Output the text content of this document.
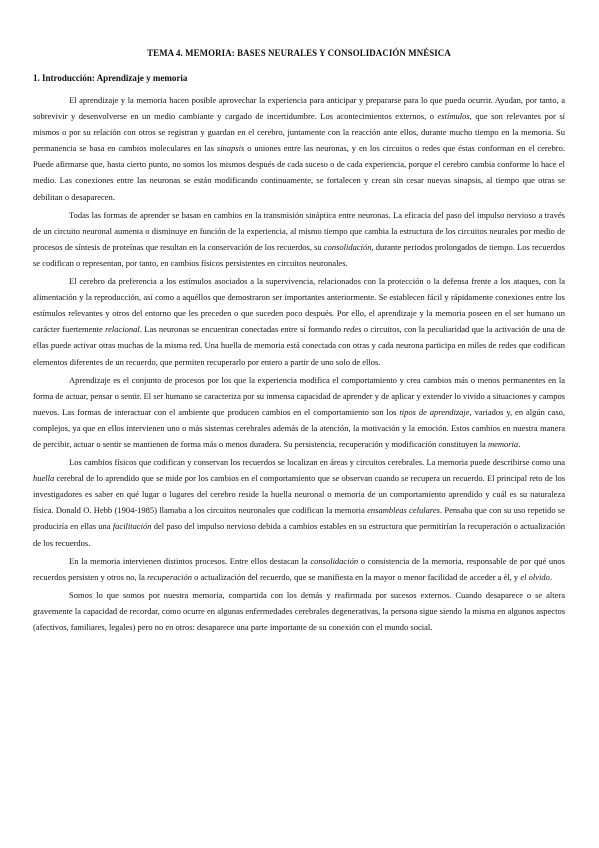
TEMA 4. MEMORIA: BASES NEURALES Y CONSOLIDACIÓN MNÉSICA
1. Introducción: Aprendizaje y memoria

El aprendizaje y la memoria hacen posible aprovechar la experiencia para anticipar y prepararse para lo que pueda ocurrir. Ayudan, por tanto, a sobrevivir y desenvolverse en un medio cambiante y cargado de incertidumbre. Los acontecimientos externos, o estímulos, que son relevantes por sí mismos o por su relación con otros se registran y guardan en el cerebro, juntamente con la reacción ante ellos, durante mucho tiempo en la memoria. Su permanencia se basa en cambios moleculares en las sinapsis o uniones entre las neuronas, y en los circuitos o redes que éstas conforman en el cerebro. Puede afirmarse que, hasta cierto punto, no somos los mismos después de cada suceso o de cada experiencia, porque el cerebro cambia conforme lo hace el medio. Las conexiones entre las neuronas se están modificando continuamente, se fortalecen y crean sin cesar nuevas sinapsis, al tiempo que otras se debilitan o desaparecen.

Todas las formas de aprender se basan en cambios en la transmisión sináptica entre neuronas. La eficacia del paso del impulso nervioso a través de un circuito neuronal aumenta o disminuye en función de la experiencia, al mismo tiempo que cambia la estructura de los circuitos neurales por medio de procesos de síntesis de proteínas que resultan en la conservación de los recuerdos, su consolidación, durante periodos prolongados de tiempo. Los recuerdos se codifican o representan, por tanto, en cambios físicos persistentes en circuitos neuronales.

El cerebro da preferencia a los estímulos asociados a la supervivencia, relacionados con la protección o la defensa frente a los ataques, con la alimentación y la reproducción, así como a aquéllos que demostraron ser importantes anteriormente. Se establecen fácil y rápidamente conexiones entre los estímulos relevantes y otros del entorno que les preceden o que suceden poco después. Por ello, el aprendizaje y la memoria poseen en el ser humano un carácter fuertemente relacional. Las neuronas se encuentran conectadas entre sí formando redes o circuitos, con la peculiaridad que la activación de una de ellas puede activar otras muchas de la misma red. Una huella de memoria está conectada con otras y cada neurona participa en miles de redes que codifican elementos diferentes de un recuerdo, que permiten recuperarlo por entero a partir de uno solo de ellos.

Aprendizaje es el conjunto de procesos por los que la experiencia modifica el comportamiento y crea cambios más o menos permanentes en la forma de actuar, pensar o sentir. El ser humano se caracteriza por su inmensa capacidad de aprender y de aplicar y extender lo vivido a situaciones y campos nuevos. Las formas de interactuar con el ambiente que producen cambios en el comportamiento son los tipos de aprendizaje, variados y, en algún caso, complejos, ya que en ellos intervienen uno o más sistemas cerebrales además de la atención, la motivación y la emoción. Estos cambios en nuestra manera de percibir, actuar o sentir se mantienen de forma más o menos duradera. Su persistencia, recuperación y modificación constituyen la memoria.

Los cambios físicos que codifican y conservan los recuerdos se localizan en áreas y circuitos cerebrales. La memoria puede describirse como una huella cerebral de lo aprendido que se mide por los cambios en el comportamiento que se observan cuando se recupera un recuerdo. El principal reto de los investigadores es saber en qué lugar o lugares del cerebro reside la huella neuronal o memoria de un comportamiento aprendido y cuál es su naturaleza física. Donald O. Hebb (1904-1985) llamaba a los circuitos neuronales que codifican la memoria ensambleas celulares. Pensaba que con su uso repetido se produciría en ellas una facilitación del paso del impulso nervioso debida a cambios estables en su estructura que permitirían la recuperación o actualización de los recuerdos.

En la memoria intervienen distintos procesos. Entre ellos destacan la consolidación o consistencia de la memoria, responsable de por qué unos recuerdos persisten y otros no, la recuperación o actualización del recuerdo, que se manifiesta en la mayor o menor facilidad de acceder a él, y el olvido.

Somos lo que somos por nuestra memoria, compartida con los demás y reafirmada por sucesos externos. Cuando desaparece o se altera gravemente la capacidad de recordar, como ocurre en algunas enfermedades cerebrales degenerativas, la persona sigue siendo la misma en algunos aspectos (afectivos, familiares, legales) pero no en otros: desaparece una parte importante de su conexión con el mundo social.
